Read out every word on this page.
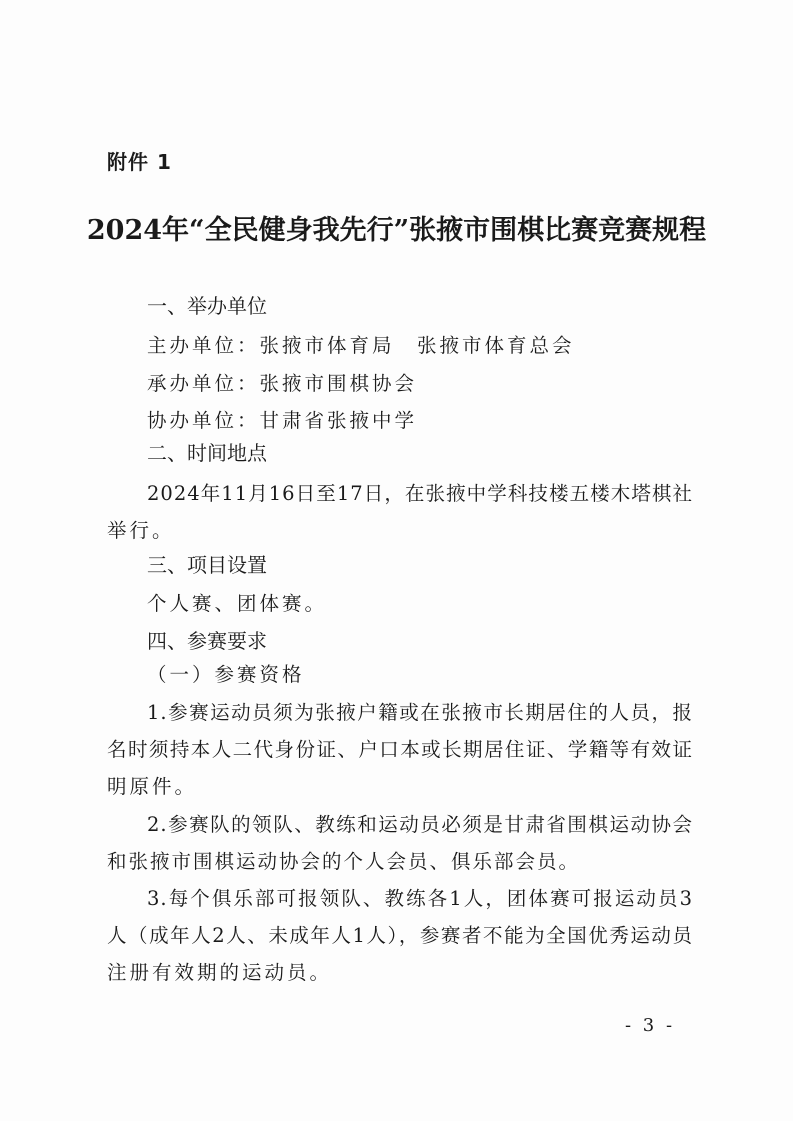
附件 1
2024年“全民健身我先行”张掖市围棋比赛竞赛规程
一、举办单位
主办单位：张掖市体育局　张掖市体育总会
承办单位：张掖市围棋协会
协办单位：甘肃省张掖中学
二、时间地点
2024年11月16日至17日，在张掖中学科技楼五楼木塔棋社
举行。
三、项目设置
个人赛、团体赛。
四、参赛要求
（一）参赛资格
1.参赛运动员须为张掖户籍或在张掖市长期居住的人员，报
名时须持本人二代身份证、户口本或长期居住证、学籍等有效证
明原件。
2.参赛队的领队、教练和运动员必须是甘肃省围棋运动协会
和张掖市围棋运动协会的个人会员、俱乐部会员。
3.每个俱乐部可报领队、教练各1人，团体赛可报运动员3
人（成年人2人、未成年人1人），参赛者不能为全国优秀运动员
注册有效期的运动员。
- 3 -
